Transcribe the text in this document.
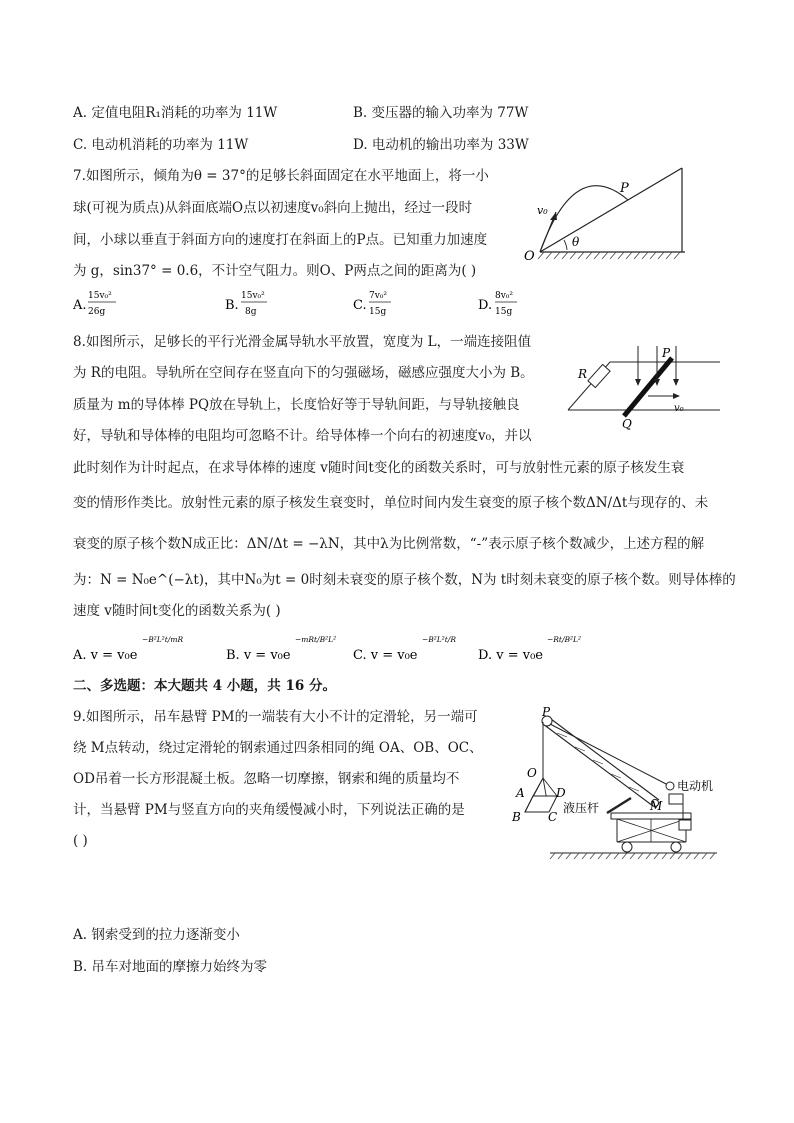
A. 定值电阻R₁消耗的功率为 11W	B. 变压器的输入功率为 77W
C. 电动机消耗的功率为 11W	D. 电动机的输出功率为 33W
7.如图所示，倾角为θ = 37°的足够长斜面固定在水平地面上，将一小
球(可视为质点)从斜面底端O点以初速度v₀斜向上抛出，经过一段时
间，小球以垂直于斜面方向的速度打在斜面上的P点。已知重力加速度
为 g，sin37° = 0.6，不计空气阻力。则O、P两点之间的距离为( )
P
O
v₀
θ
A.
15v₀²
26g	B.
15v₀²
8g	C.
7v₀²
15g	D.
8v₀²
15g
8.如图所示，足够长的平行光滑金属导轨水平放置，宽度为 L，一端连接阻值
为 R的电阻。导轨所在空间存在竖直向下的匀强磁场，磁感应强度大小为 B。
质量为 m的导体棒 PQ放在导轨上，长度恰好等于导轨间距，与导轨接触良
好，导轨和导体棒的电阻均可忽略不计。给导体棒一个向右的初速度v₀，并以
此时刻作为计时起点，在求导体棒的速度 v随时间t变化的函数关系时，可与放射性元素的原子核发生衰
变的情形作类比。放射性元素的原子核发生衰变时，单位时间内发生衰变的原子核个数ΔN/Δt与现存的、未
衰变的原子核个数N成正比：ΔN/Δt = −λN，其中λ为比例常数，“-”表示原子核个数减少，上述方程的解
为：N = N₀e^(−λt)，其中N₀为t = 0时刻未衰变的原子核个数，N为 t时刻未衰变的原子核个数。则导体棒的
速度 v随时间t变化的函数关系为( )
P
Q
R
v₀
A. v = v₀e
−B²L²t/mR
B. v = v₀e
−mRt/B²L²
C. v = v₀e
−B²L²t/R
D. v = v₀e
−Rt/B²L²
二、多选题：本大题共 4 小题，共 16 分。
9.如图所示，吊车悬臂 PM的一端装有大小不计的定滑轮，另一端可
绕 M点转动，绕过定滑轮的钢索通过四条相同的绳 OA、OB、OC、
OD吊着一长方形混凝土板。忽略一切摩擦，钢索和绳的质量均不
计，当悬臂 PM与竖直方向的夹角缓慢减小时，下列说法正确的是
( )
P
O
A
B C
D
M
电动机
液压杆
A. 钢索受到的拉力逐渐变小
B. 吊车对地面的摩擦力始终为零
